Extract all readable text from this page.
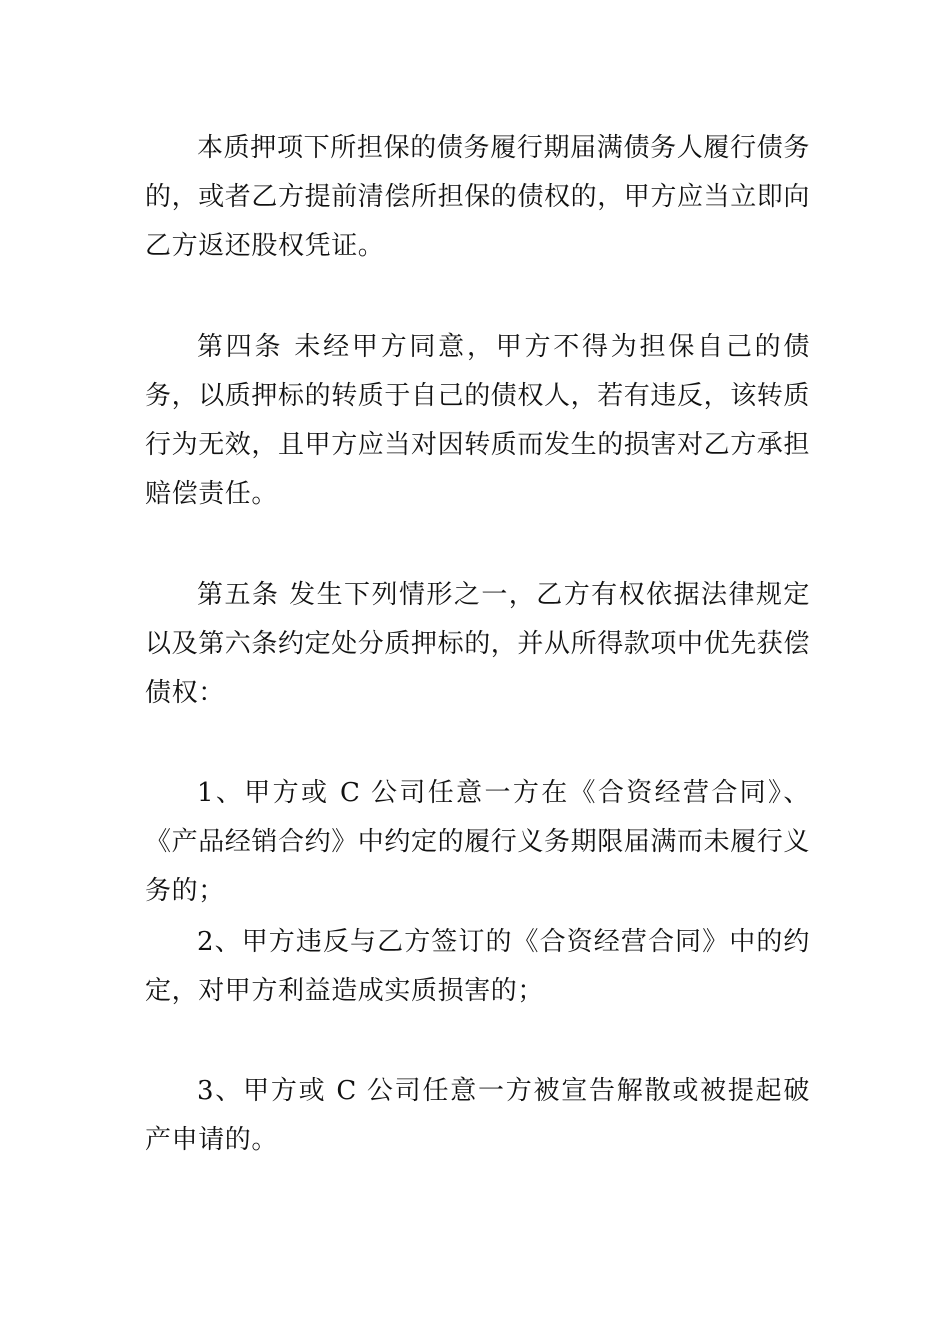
本质押项下所担保的债务履行期届满债务人履行债务的，或者乙方提前清偿所担保的债权的，甲方应当立即向乙方返还股权凭证。

第四条 未经甲方同意，甲方不得为担保自己的债务，以质押标的转质于自己的债权人，若有违反，该转质行为无效，且甲方应当对因转质而发生的损害对乙方承担赔偿责任。

第五条 发生下列情形之一，乙方有权依据法律规定以及第六条约定处分质押标的，并从所得款项中优先获偿债权：

1、甲方或 C 公司任意一方在《合资经营合同》、《产品经销合约》中约定的履行义务期限届满而未履行义务的；

2、甲方违反与乙方签订的《合资经营合同》中的约定，对甲方利益造成实质损害的；

3、甲方或 C 公司任意一方被宣告解散或被提起破产申请的。
